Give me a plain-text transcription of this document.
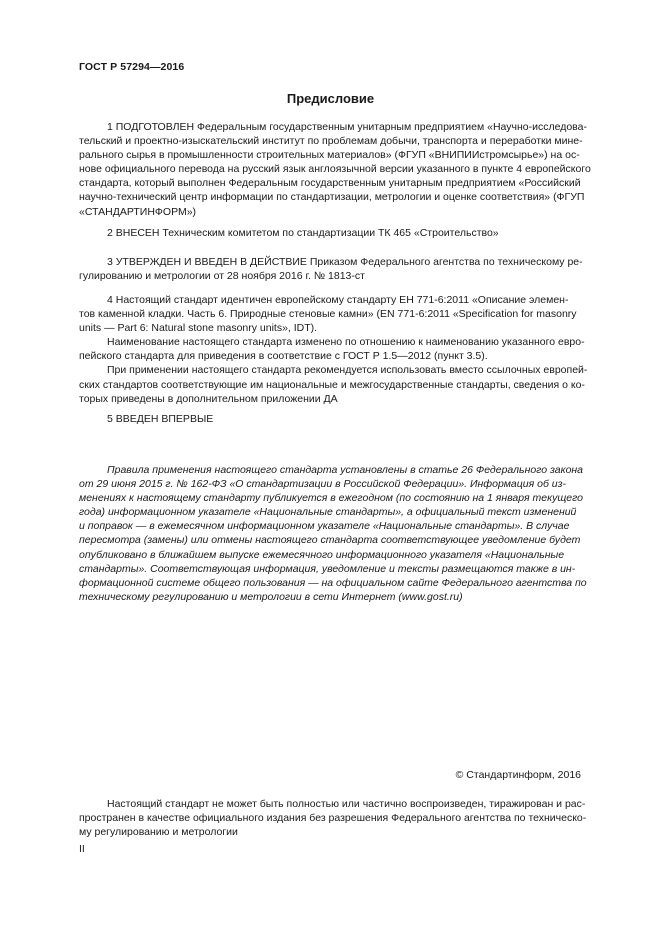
ГОСТ Р 57294—2016
Предисловие
1 ПОДГОТОВЛЕН Федеральным государственным унитарным предприятием «Научно-исследова-
тельский и проектно-изыскательский институт по проблемам добычи, транспорта и переработки мине-
рального сырья в промышленности строительных материалов» (ФГУП «ВНИПИИстромсырье») на ос-
нове официального перевода на русский язык англоязычной версии указанного в пункте 4 европейского
стандарта, который выполнен Федеральным государственным унитарным предприятием «Российский
научно-технический центр информации по стандартизации, метрологии и оценке соответствия» (ФГУП
«СТАНДАРТИНФОРМ»)
2 ВНЕСЕН Техническим комитетом по стандартизации ТК 465 «Строительство»
3 УТВЕРЖДЕН И ВВЕДЕН В ДЕЙСТВИЕ Приказом Федерального агентства по техническому ре-
гулированию и метрологии от 28 ноября 2016 г. № 1813-ст
4 Настоящий стандарт идентичен европейскому стандарту ЕН 771-6:2011 «Описание элемен-
тов каменной кладки. Часть 6. Природные стеновые камни» (EN 771-6:2011 «Specification for masonry
units — Part 6: Natural stone masonry units», IDT).
Наименование настоящего стандарта изменено по отношению к наименованию указанного евро-
пейского стандарта для приведения в соответствие с ГОСТ Р 1.5—2012 (пункт 3.5).
При применении настоящего стандарта рекомендуется использовать вместо ссылочных европей-
ских стандартов соответствующие им национальные и межгосударственные стандарты, сведения о ко-
торых приведены в дополнительном приложении ДА
5 ВВЕДЕН ВПЕРВЫЕ
Правила применения настоящего стандарта установлены в статье 26 Федерального закона
от 29 июня 2015 г. № 162-ФЗ «О стандартизации в Российской Федерации». Информация об из-
менениях к настоящему стандарту публикуется в ежегодном (по состоянию на 1 января текущего
года) информационном указателе «Национальные стандарты», а официальный текст изменений
и поправок — в ежемесячном информационном указателе «Национальные стандарты». В случае
пересмотра (замены) или отмены настоящего стандарта соответствующее уведомление будет
опубликовано в ближайшем выпуске ежемесячного информационного указателя «Национальные
стандарты». Соответствующая информация, уведомление и тексты размещаются также в ин-
формационной системе общего пользования — на официальном сайте Федерального агентства по
техническому регулированию и метрологии в сети Интернет (www.gost.ru)
© Стандартинформ, 2016
Настоящий стандарт не может быть полностью или частично воспроизведен, тиражирован и рас-
пространен в качестве официального издания без разрешения Федерального агентства по техническо-
му регулированию и метрологии
II
